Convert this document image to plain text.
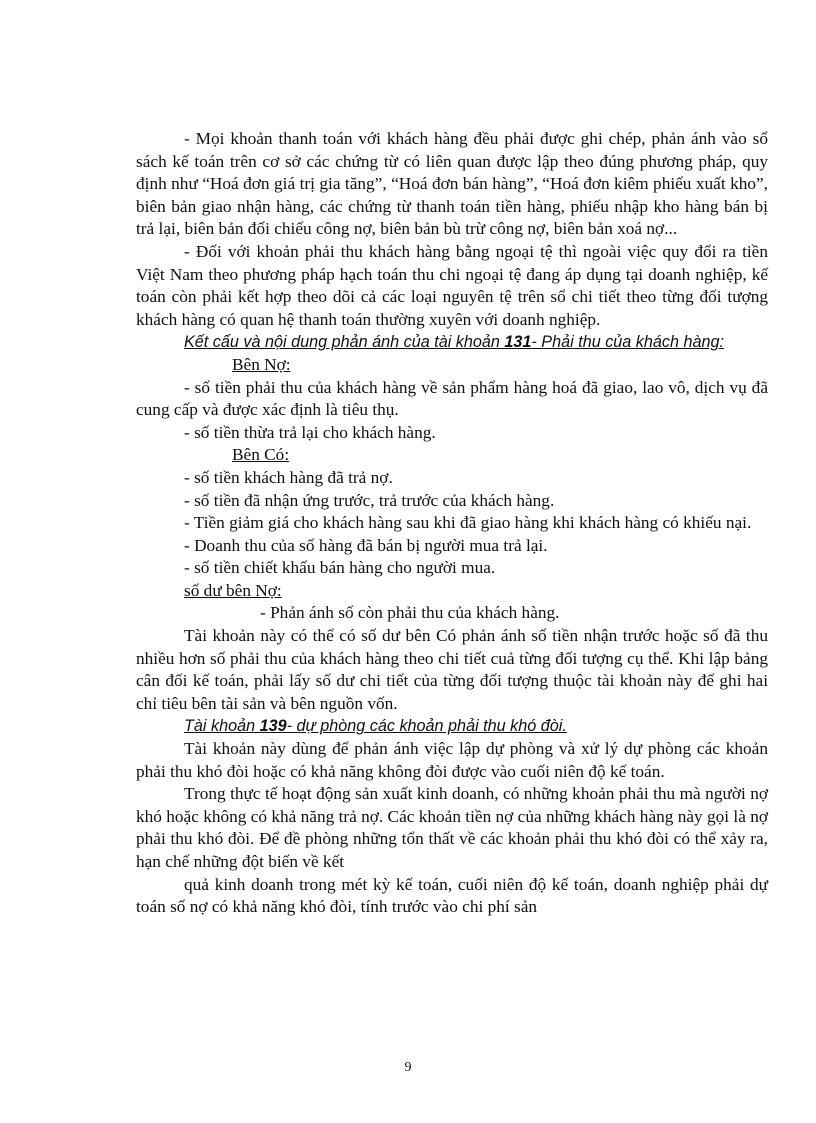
- Mọi khoản thanh toán với khách hàng đều phải được ghi chép, phản ánh vào sổ sách kế toán trên cơ sở các chứng từ có liên quan được lập theo đúng phương pháp, quy định như “Hoá đơn giá trị gia tăng”, “Hoá đơn bán hàng”, “Hoá đơn kiêm phiếu xuất kho”, biên bản giao nhận hàng, các chứng từ thanh toán tiền hàng, phiếu nhập kho hàng bán bị trả lại, biên bản đối chiếu công nợ, biên bản bù trừ công nợ, biên bản xoá nợ...

- Đối với khoản phải thu khách hàng bằng ngoại tệ thì ngoài việc quy đổi ra tiền Việt Nam theo phương pháp hạch toán thu chi ngoại tệ đang áp dụng tại doanh nghiệp, kế toán còn phải kết hợp theo dõi cả các loại nguyên tệ trên sổ chi tiết theo từng đối tượng khách hàng có quan hệ thanh toán thường xuyên với doanh nghiệp.

Kết cấu và nội dung phản ánh của tài khoản 131- Phải thu của khách hàng:

Bên Nợ:

- số tiền phải thu của khách hàng về sản phẩm hàng hoá đã giao, lao vô, dịch vụ đã cung cấp và được xác định là tiêu thụ.

- số tiền thừa trả lại cho khách hàng.

Bên Có:

- số tiền khách hàng đã trả nợ.

- số tiền đã nhận ứng trước, trả trước của khách hàng.

- Tiền giảm giá cho khách hàng sau khi đã giao hàng khi khách hàng có khiếu nại.

- Doanh thu của số hàng đã bán bị người mua trả lại.

- số tiền chiết khấu bán hàng cho người mua.

số dư bên Nợ:

- Phản ánh số còn phải thu của khách hàng.

Tài khoản này có thể có số dư bên Có phản ánh số tiền nhận trước hoặc số đã thu nhiều hơn số phải thu của khách hàng theo chi tiết cuả từng đối tượng cụ thể. Khi lập bảng cân đối kế toán, phải lấy số dư chi tiết của từng đối tượng thuộc tài khoản này để ghi hai chỉ tiêu bên tài sản và bên nguồn vốn.

Tài khoản 139- dự phòng các khoản phải thu khó đòi.

Tài khoản này dùng để phản ánh việc lập dự phòng và xử lý dự phòng các khoản phải thu khó đòi hoặc có khả năng không đòi được vào cuối niên độ kế toán.

Trong thực tế hoạt động sản xuất kinh doanh, có những khoản phải thu mà người nợ khó hoặc không có khả năng trả nợ. Các khoản tiền nợ của những khách hàng này gọi là nợ phải thu khó đòi. Để đề phòng những tổn thất về các khoản phải thu khó đòi có thể xảy ra, hạn chế những đột biến về kết

quả kinh doanh trong mét kỳ kế toán, cuối niên độ kế toán, doanh nghiệp phải dự toán số nợ có khả năng khó đòi, tính trước vào chi phí sản

9
